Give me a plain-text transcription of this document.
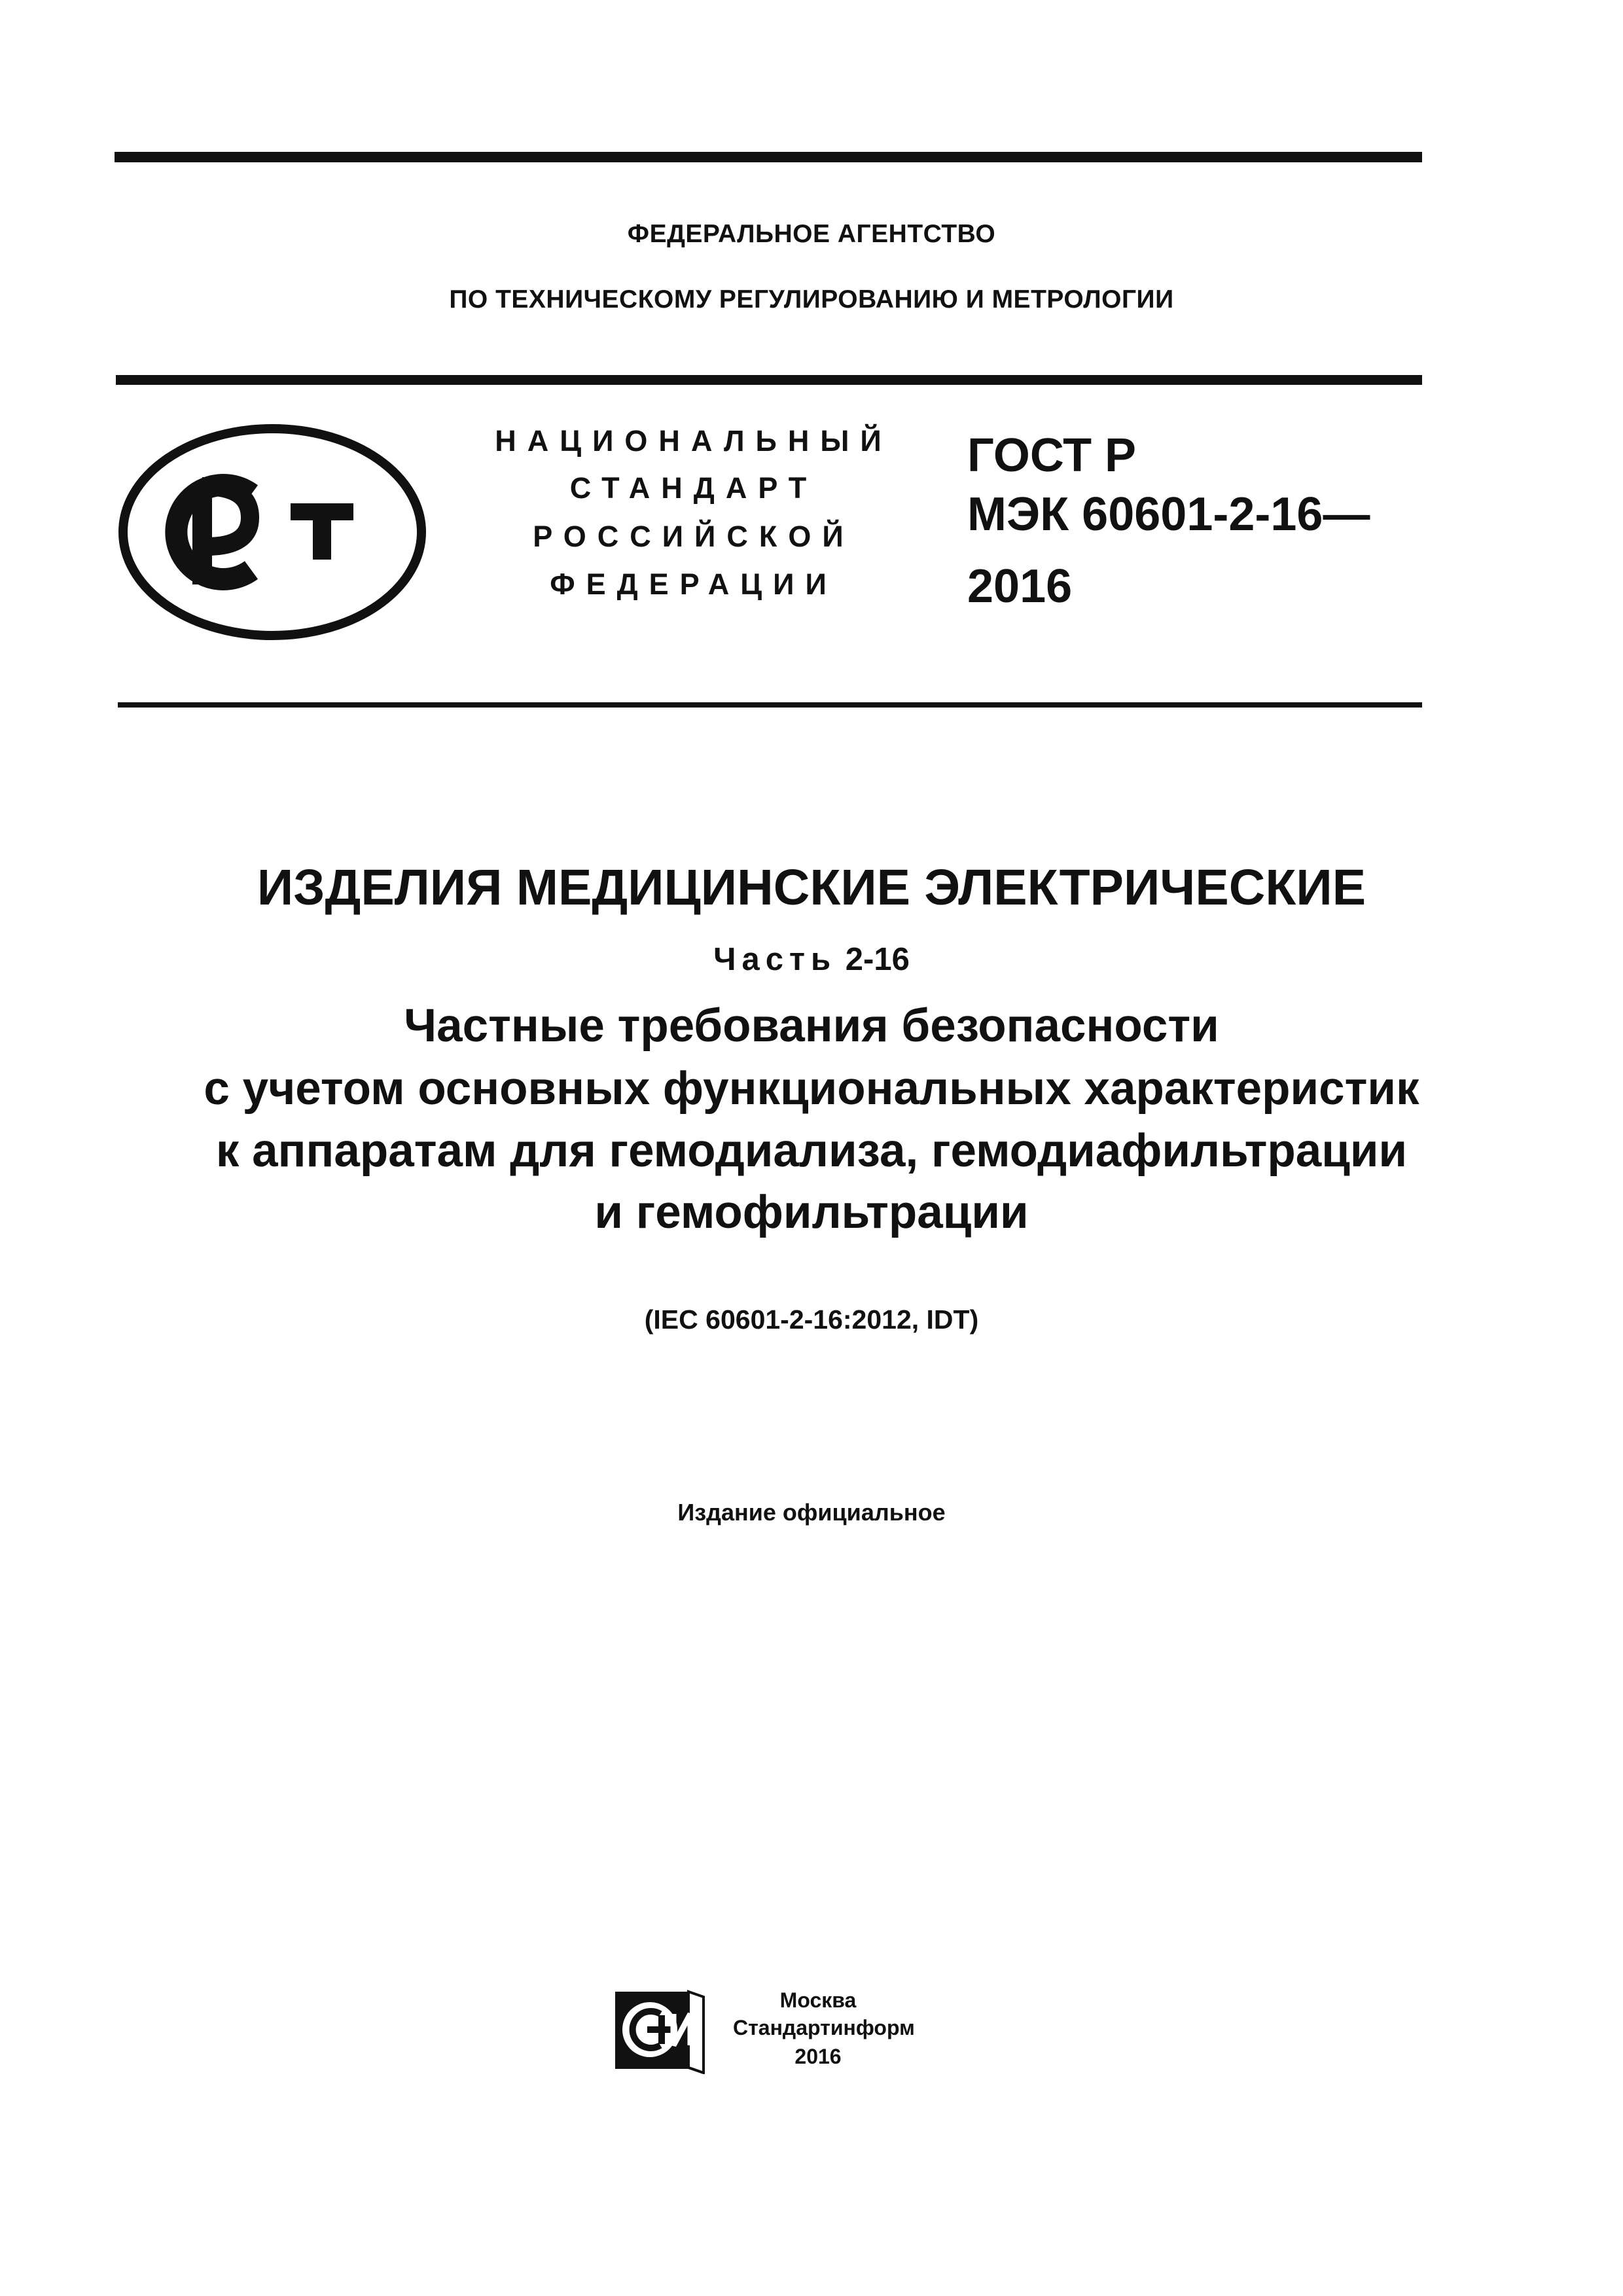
ФЕДЕРАЛЬНОЕ АГЕНТСТВО
ПО ТЕХНИЧЕСКОМУ РЕГУЛИРОВАНИЮ И МЕТРОЛОГИИ
НАЦИОНАЛЬНЫЙ
СТАНДАРТ
РОССИЙСКОЙ
ФЕДЕРАЦИИ
ГОСТ Р
МЭК 60601-2-16—
2016
ИЗДЕЛИЯ МЕДИЦИНСКИЕ ЭЛЕКТРИЧЕСКИЕ
Часть 2-16
Частные требования безопасности
с учетом основных функциональных характеристик
к аппаратам для гемодиализа, гемодиафильтрации
и гемофильтрации
(IEC 60601-2-16:2012, IDT)
Издание официальное
Москва
Стандартинформ
2016
